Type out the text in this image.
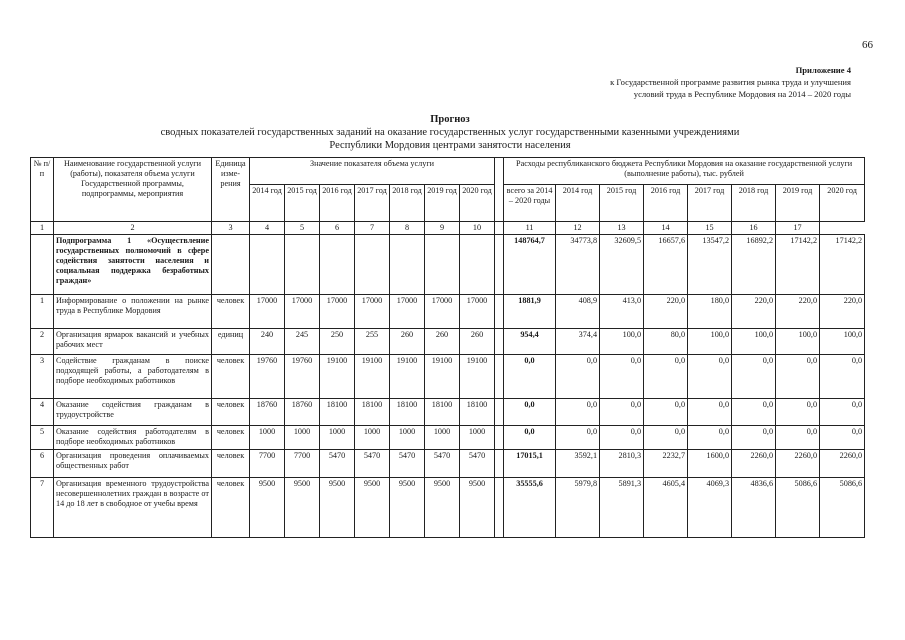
66
Приложение 4
к Государственной программе развития рынка труда и улучшения
условий труда в Республике Мордовия на 2014 – 2020 годы
Прогноз
сводных показателей государственных заданий на оказание государственных услуг государственными казенными учреждениями
Республики Мордовия центрами занятости населения
№ п/п	Наименование государственной услуги (работы), показателя объема услуги Государственной программы, подпрограммы, мероприятия	Единица изме-рения	Значение показателя объема услуги								Расходы республиканского бюджета Республики Мордовия на оказание государственной услуги (выполнение работы), тыс. рублей							
			2014 год	2015 год	2016 год	2017 год	2018 год	2019 год	2020 год		всего за 2014 – 2020 годы	2014 год	2015 год	2016 год	2017 год	2018 год	2019 год	2020 год
1	2	3	4	5	6	7	8	9	10		11	12	13	14	15	16	17	
	Подпрограмма 1 «Осуществление государственных полномочий в сфере содействия занятости населения и социальная поддержка безработных граждан»										148764,7	34773,8	32609,5	16657,6	13547,2	16892,2	17142,2	17142,2
1	Информирование о положении на рынке труда в Республике Мордовия	человек	17000	17000	17000	17000	17000	17000	17000		1881,9	408,9	413,0	220,0	180,0	220,0	220,0	220,0
2	Организация ярмарок вакансий и учебных рабочих мест	единиц	240	245	250	255	260	260	260		954,4	374,4	100,0	80,0	100,0	100,0	100,0	100,0
3	Содействие гражданам в поиске подходящей работы, а работодателям в подборе необходимых работников	человек	19760	19760	19100	19100	19100	19100	19100		0,0	0,0	0,0	0,0	0,0	0,0	0,0	0,0
4	Оказание содействия гражданам в трудоустройстве	человек	18760	18760	18100	18100	18100	18100	18100		0,0	0,0	0,0	0,0	0,0	0,0	0,0	0,0
5	Оказание содействия работодателям в подборе необходимых работников	человек	1000	1000	1000	1000	1000	1000	1000		0,0	0,0	0,0	0,0	0,0	0,0	0,0	0,0
6	Организация проведения оплачиваемых общественных работ	человек	7700	7700	5470	5470	5470	5470	5470		17015,1	3592,1	2810,3	2232,7	1600,0	2260,0	2260,0	2260,0
7	Организация временного трудоустройства несовершеннолетних граждан в возрасте от 14 до 18 лет в свободное от учебы время	человек	9500	9500	9500	9500	9500	9500	9500		35555,6	5979,8	5891,3	4605,4	4069,3	4836,6	5086,6	5086,6
